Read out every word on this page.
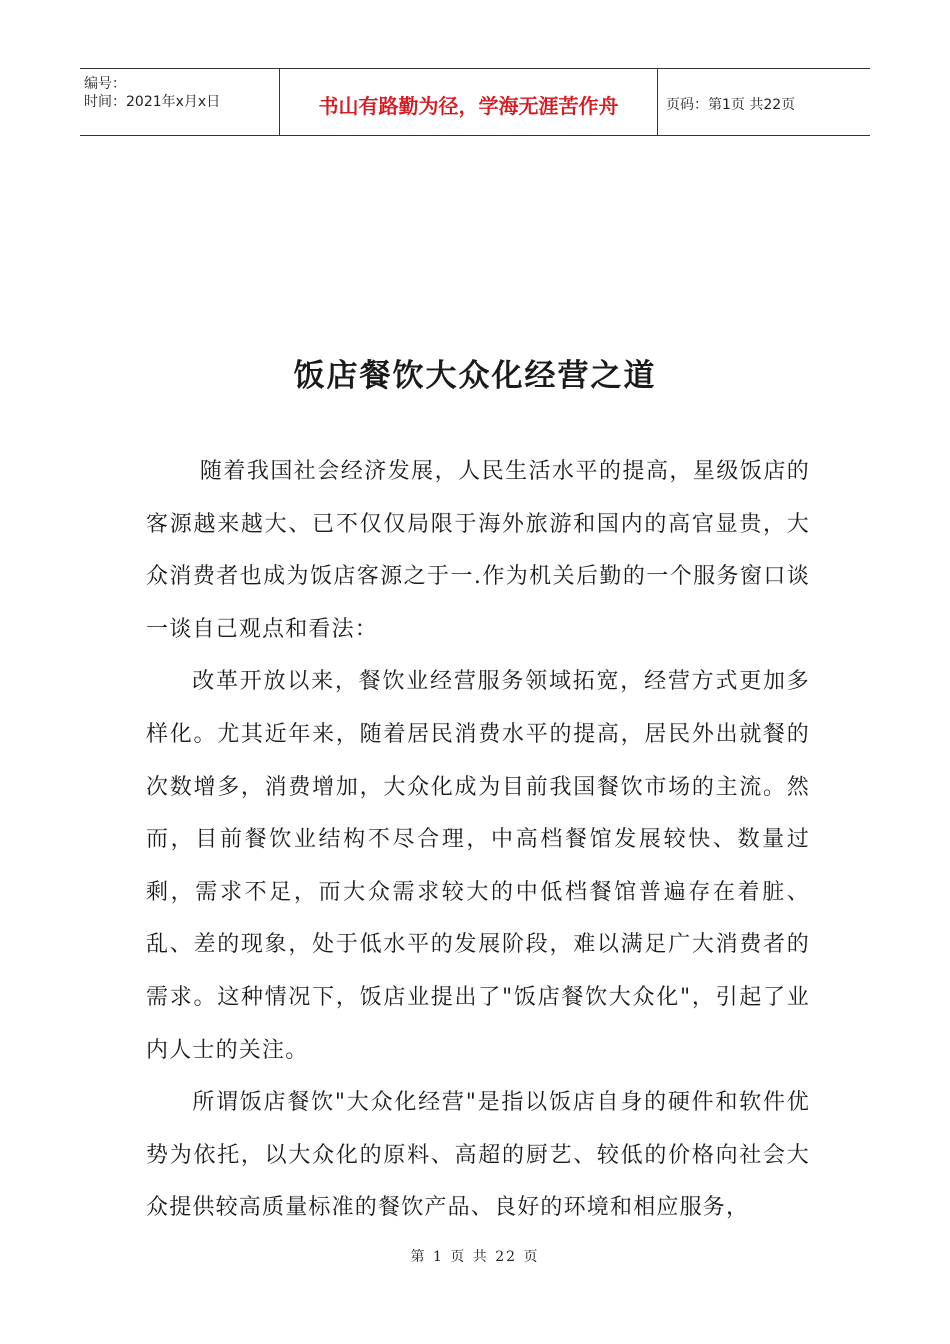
编号：
时间：2021年x月x日	书山有路勤为径，学海无涯苦作舟	页码：第1页 共22页
饭店餐饮大众化经营之道

随着我国社会经济发展，人民生活水平的提高，星级饭店的客源越来越大、已不仅仅局限于海外旅游和国内的高官显贵，大众消费者也成为饭店客源之于一.作为机关后勤的一个服务窗口谈一谈自己观点和看法：

改革开放以来，餐饮业经营服务领域拓宽，经营方式更加多样化。尤其近年来，随着居民消费水平的提高，居民外出就餐的次数增多，消费增加，大众化成为目前我国餐饮市场的主流。然而，目前餐饮业结构不尽合理，中高档餐馆发展较快、数量过剩，需求不足，而大众需求较大的中低档餐馆普遍存在着脏、乱、差的现象，处于低水平的发展阶段，难以满足广大消费者的需求。这种情况下，饭店业提出了"饭店餐饮大众化"，引起了业内人士的关注。

所谓饭店餐饮"大众化经营"是指以饭店自身的硬件和软件优势为依托，以大众化的原料、高超的厨艺、较低的价格向社会大众提供较高质量标准的餐饮产品、良好的环境和相应服务，

第 1 页 共 22 页
